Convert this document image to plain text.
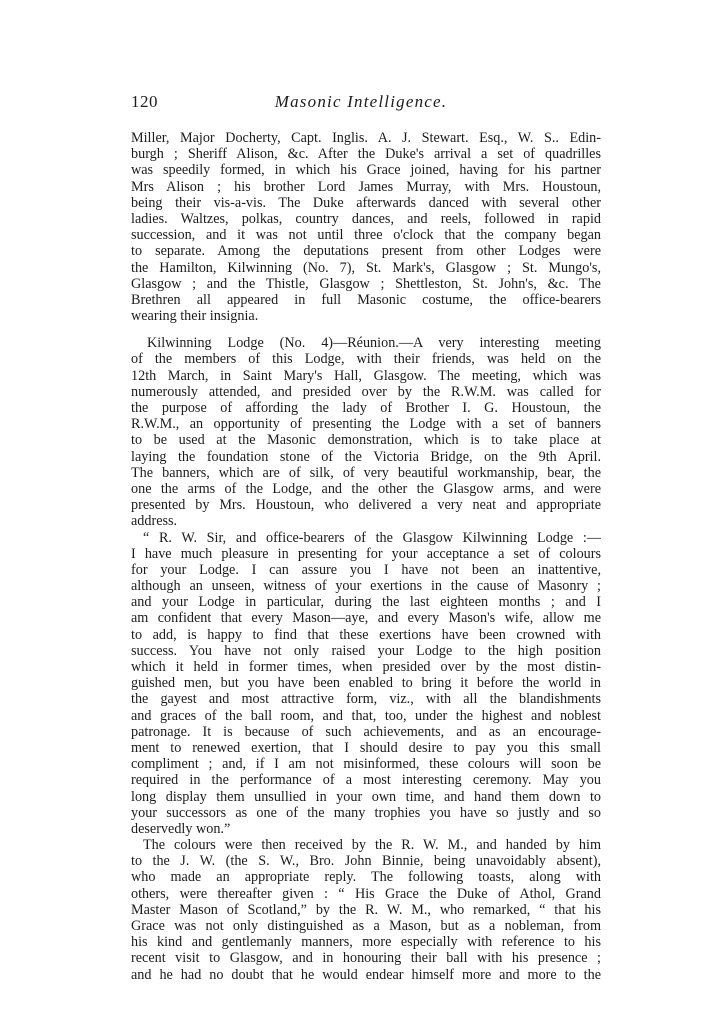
120	Masonic Intelligence.
Miller, Major Docherty, Capt. Inglis. A. J. Stewart. Esq., W. S.. Edin-
burgh ; Sheriff Alison, &c. After the Duke's arrival a set of quadrilles
was speedily formed, in which his Grace joined, having for his partner
Mrs Alison ; his brother Lord James Murray, with Mrs. Houstoun,
being their vis-a-vis. The Duke afterwards danced with several other
ladies. Waltzes, polkas, country dances, and reels, followed in rapid
succession, and it was not until three o'clock that the company began
to separate. Among the deputations present from other Lodges were
the Hamilton, Kilwinning (No. 7), St. Mark's, Glasgow ; St. Mungo's,
Glasgow ; and the Thistle, Glasgow ; Shettleston, St. John's, &c. The
Brethren all appeared in full Masonic costume, the office-bearers
wearing their insignia.
Kilwinning Lodge (No. 4)—Réunion.—A very interesting meeting
of the members of this Lodge, with their friends, was held on the
12th March, in Saint Mary's Hall, Glasgow. The meeting, which was
numerously attended, and presided over by the R.W.M. was called for
the purpose of affording the lady of Brother I. G. Houstoun, the
R.W.M., an opportunity of presenting the Lodge with a set of banners
to be used at the Masonic demonstration, which is to take place at
laying the foundation stone of the Victoria Bridge, on the 9th April.
The banners, which are of silk, of very beautiful workmanship, bear, the
one the arms of the Lodge, and the other the Glasgow arms, and were
presented by Mrs. Houstoun, who delivered a very neat and appropriate
address.
“ R. W. Sir, and office-bearers of the Glasgow Kilwinning Lodge :—
I have much pleasure in presenting for your acceptance a set of colours
for your Lodge. I can assure you I have not been an inattentive,
although an unseen, witness of your exertions in the cause of Masonry ;
and your Lodge in particular, during the last eighteen months ; and I
am confident that every Mason—aye, and every Mason's wife, allow me
to add, is happy to find that these exertions have been crowned with
success. You have not only raised your Lodge to the high position
which it held in former times, when presided over by the most distin-
guished men, but you have been enabled to bring it before the world in
the gayest and most attractive form, viz., with all the blandishments
and graces of the ball room, and that, too, under the highest and noblest
patronage. It is because of such achievements, and as an encourage-
ment to renewed exertion, that I should desire to pay you this small
compliment ; and, if I am not misinformed, these colours will soon be
required in the performance of a most interesting ceremony. May you
long display them unsullied in your own time, and hand them down to
your successors as one of the many trophies you have so justly and so
deservedly won.”
The colours were then received by the R. W. M., and handed by him
to the J. W. (the S. W., Bro. John Binnie, being unavoidably absent),
who made an appropriate reply. The following toasts, along with
others, were thereafter given : “ His Grace the Duke of Athol, Grand
Master Mason of Scotland,” by the R. W. M., who remarked, “ that his
Grace was not only distinguished as a Mason, but as a nobleman, from
his kind and gentlemanly manners, more especially with reference to his
recent visit to Glasgow, and in honouring their ball with his presence ;
and he had no doubt that he would endear himself more and more to the
